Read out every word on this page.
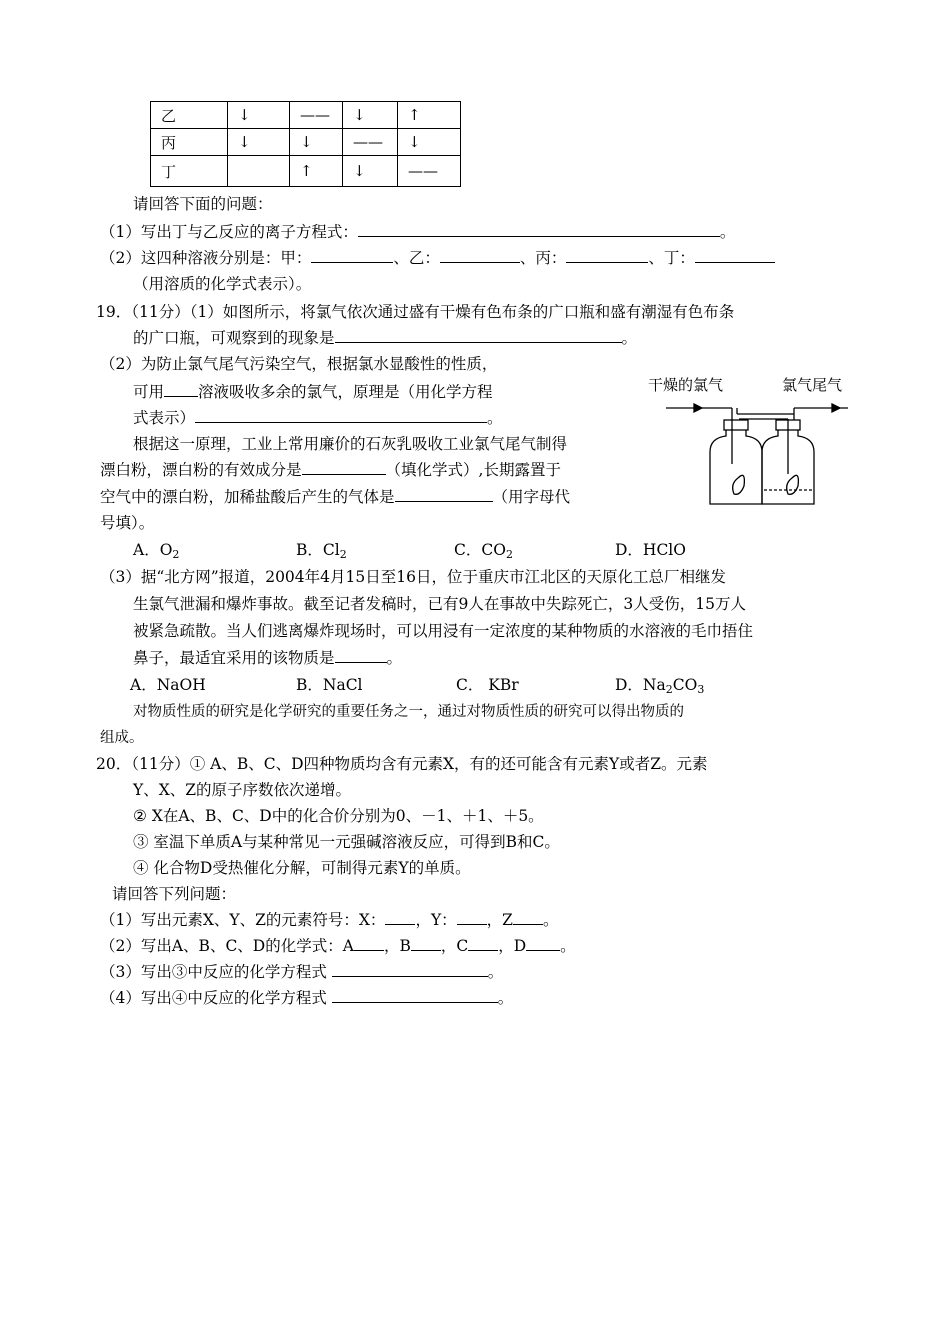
乙	↓	——	↓	↑
丙	↓	↓	——	↓
丁		↑	↓	——
请回答下面的问题：
（1）写出丁与乙反应的离子方程式：	。
（2）这四种溶液分别是：甲：	、乙：	、丙：	、丁：
（用溶质的化学式表示）。
19．（11分）（1）如图所示，将氯气依次通过盛有干燥有色布条的广口瓶和盛有潮湿有色布条
的广口瓶，可观察到的现象是	。
（2）为防止氯气尾气污染空气，根据氯水显酸性的性质，
可用 溶液吸收多余的氯气，原理是（用化学方程
式表示）	。
根据这一原理，工业上常用廉价的石灰乳吸收工业氯气尾气制得
漂白粉，漂白粉的有效成分是	（填化学式）,长期露置于
空气中的漂白粉，加稀盐酸后产生的气体是	（用字母代
号填）。
A．$O_2$	B．$Cl_2$	C．$CO_2$	D．HClO
干燥的氯气	氯气尾气
（3）据“北方网”报道，2004年4月15日至16日，位于重庆市江北区的天原化工总厂相继发
生氯气泄漏和爆炸事故。截至记者发稿时，已有9人在事故中失踪死亡，3人受伤，15万人
被紧急疏散。当人们逃离爆炸现场时，可以用浸有一定浓度的某种物质的水溶液的毛巾捂住
鼻子，最适宜采用的该物质是	。
A．NaOH	B．NaCl	C． KBr	D．$Na_2CO_3$
对物质性质的研究是化学研究的重要任务之一，通过对物质性质的研究可以得出物质的
组成。
20．（11分）① A、B、C、D四种物质均含有元素X，有的还可能含有元素Y或者Z。元素
Y、X、Z的原子序数依次递增。
② X在A、B、C、D中的化合价分别为0、－1、＋1、＋5。
③ 室温下单质A与某种常见一元强碱溶液反应，可得到B和C。
④ 化合物D受热催化分解，可制得元素Y的单质。
请回答下列问题：
（1）写出元素X、Y、Z的元素符号：X： ，Y： ，Z 。
（2）写出A、B、C、D的化学式：A ，B ，C ，D 。
（3）写出③中反应的化学方程式	。
（4）写出④中反应的化学方程式	。
